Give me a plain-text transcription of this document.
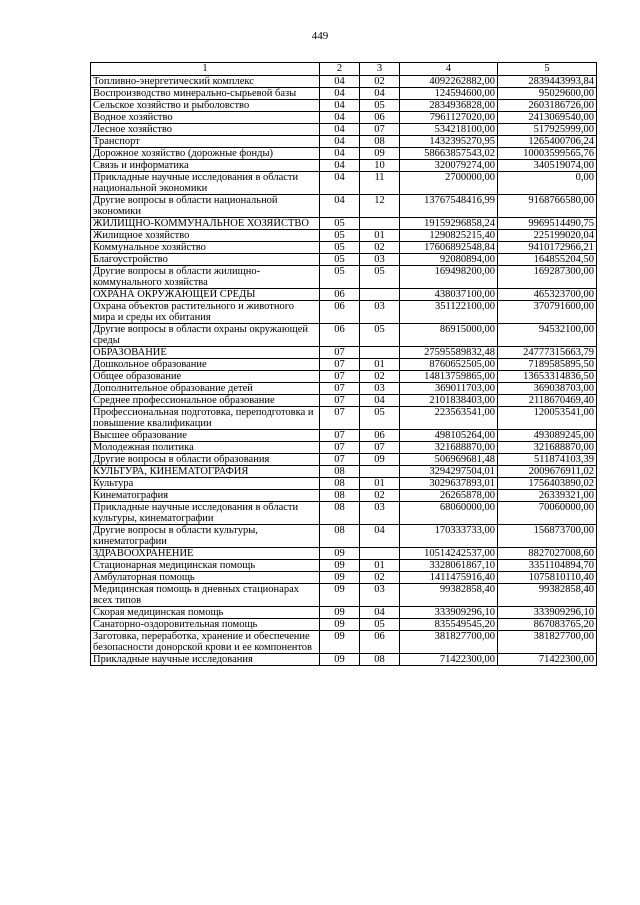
449
1	2	3	4	5
Топливно-энергетический комплекс	04	02	4092262882,00	2839443993,84
Воспроизводство минерально-сырьевой базы	04	04	124594600,00	95029600,00
Сельское хозяйство и рыболовство	04	05	2834936828,00	2603186726,00
Водное хозяйство	04	06	7961127020,00	2413069540,00
Лесное хозяйство	04	07	534218100,00	517925999,00
Транспорт	04	08	1432395270,95	1265400706,24
Дорожное хозяйство (дорожные фонды)	04	09	58663857543,02	10003599565,76
Связь и информатика	04	10	320079274,00	340519074,00
Прикладные научные исследования в области национальной экономики	04	11	2700000,00	0,00
Другие вопросы в области национальной экономики	04	12	13767548416,99	9168766580,00
ЖИЛИЩНО-КОММУНАЛЬНОЕ ХОЗЯЙСТВО	05		19159296858,24	9969514490,75
Жилищное хозяйство	05	01	1290825215,40	225199020,04
Коммунальное хозяйство	05	02	17606892548,84	9410172966,21
Благоустройство	05	03	92080894,00	164855204,50
Другие вопросы в области жилищно-коммунального хозяйства	05	05	169498200,00	169287300,00
ОХРАНА ОКРУЖАЮЩЕЙ СРЕДЫ	06		438037100,00	465323700,00
Охрана объектов растительного и животного мира и среды их обитания	06	03	351122100,00	370791600,00
Другие вопросы в области охраны окружающей среды	06	05	86915000,00	94532100,00
ОБРАЗОВАНИЕ	07		27595589832,48	24777315663,79
Дошкольное образование	07	01	8760652505,00	7189585895,50
Общее образование	07	02	14813759865,00	13653314836,50
Дополнительное образование детей	07	03	369011703,00	369038703,00
Среднее профессиональное образование	07	04	2101838403,00	2118670469,40
Профессиональная подготовка, переподготовка и повышение квалификации	07	05	223563541,00	120053541,00
Высшее образование	07	06	498105264,00	493089245,00
Молодежная политика	07	07	321688870,00	321688870,00
Другие вопросы в области образования	07	09	506969681,48	511874103,39
КУЛЬТУРА, КИНЕМАТОГРАФИЯ	08		3294297504,01	2009676911,02
Культура	08	01	3029637893,01	1756403890,02
Кинематография	08	02	26265878,00	26339321,00
Прикладные научные исследования в области культуры, кинематографии	08	03	68060000,00	70060000,00
Другие вопросы в области культуры, кинематографии	08	04	170333733,00	156873700,00
ЗДРАВООХРАНЕНИЕ	09		10514242537,00	8827027008,60
Стационарная медицинская помощь	09	01	3328061867,10	3351104894,70
Амбулаторная помощь	09	02	1411475916,40	1075810110,40
Медицинская помощь в дневных стационарах всех типов	09	03	99382858,40	99382858,40
Скорая медицинская помощь	09	04	333909296,10	333909296,10
Санаторно-оздоровительная помощь	09	05	835549545,20	867083765,20
Заготовка, переработка, хранение и обеспечение безопасности донорской крови и ее компонентов	09	06	381827700,00	381827700,00
Прикладные научные исследования	09	08	71422300,00	71422300,00
